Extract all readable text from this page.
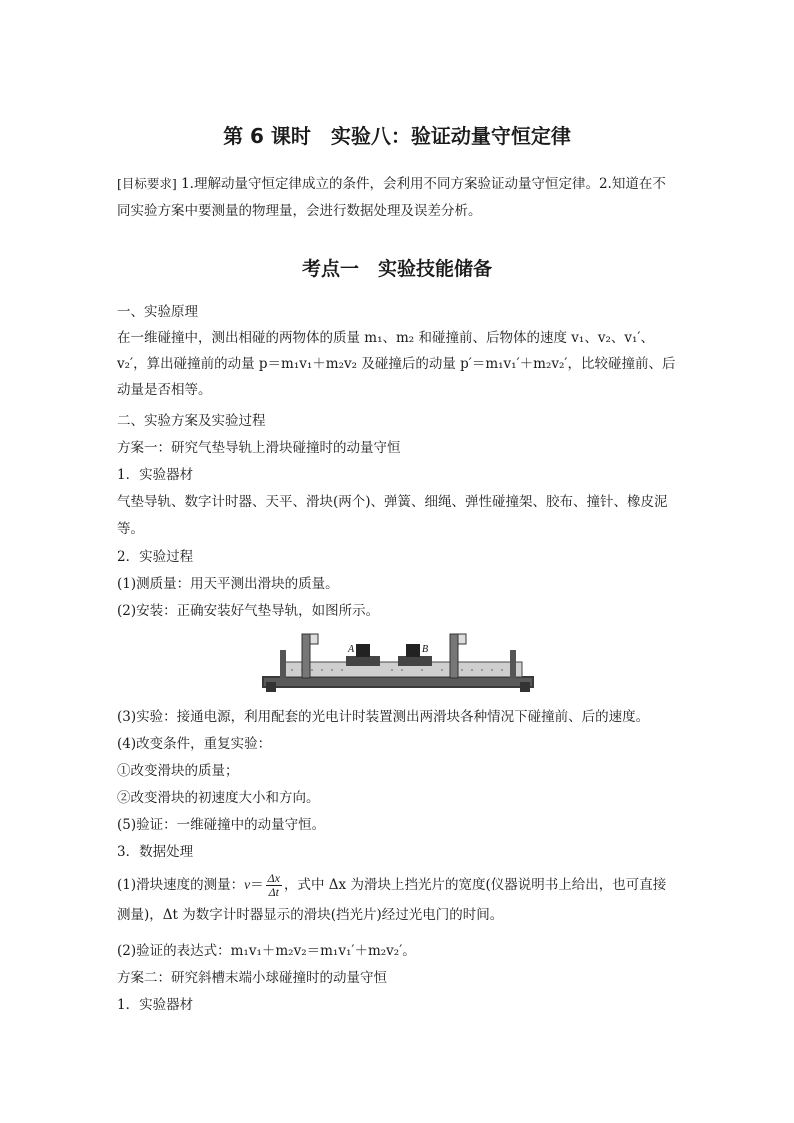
第 6 课时　实验八：验证动量守恒定律
[目标要求] 1.理解动量守恒定律成立的条件，会利用不同方案验证动量守恒定律。2.知道在不同实验方案中要测量的物理量，会进行数据处理及误差分析。
考点一　实验技能储备
一、实验原理
在一维碰撞中，测出相碰的两物体的质量 m₁、m₂ 和碰撞前、后物体的速度 v₁、v₂、v₁′、v₂′，算出碰撞前的动量 p＝m₁v₁＋m₂v₂ 及碰撞后的动量 p′＝m₁v₁′＋m₂v₂′，比较碰撞前、后动量是否相等。
二、实验方案及实验过程
方案一：研究气垫导轨上滑块碰撞时的动量守恒
1．实验器材
气垫导轨、数字计时器、天平、滑块(两个)、弹簧、细绳、弹性碰撞架、胶布、撞针、橡皮泥等。
2．实验过程
(1)测质量：用天平测出滑块的质量。
(2)安装：正确安装好气垫导轨，如图所示。
A	B
(3)实验：接通电源，利用配套的光电计时装置测出两滑块各种情况下碰撞前、后的速度。
(4)改变条件，重复实验：
①改变滑块的质量；
②改变滑块的初速度大小和方向。
(5)验证：一维碰撞中的动量守恒。
3．数据处理
(1)滑块速度的测量：$v= \frac{\Delta x}{\Delta t}$ ，式中 Δx 为滑块上挡光片的宽度(仪器说明书上给出，也可直接测量)，Δt 为数字计时器显示的滑块(挡光片)经过光电门的时间。
(2)验证的表达式：m₁v₁＋m₂v₂＝m₁v₁′＋m₂v₂′。
方案二：研究斜槽末端小球碰撞时的动量守恒
1．实验器材
